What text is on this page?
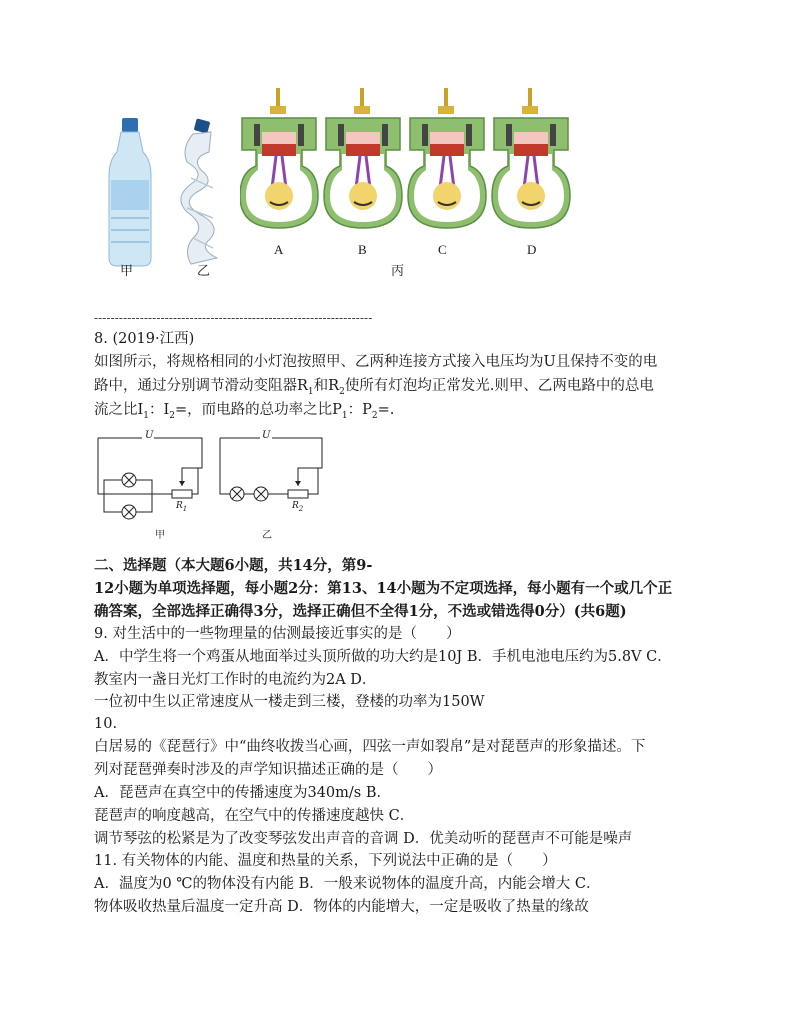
A	B	C	D
甲	乙	丙
-------------------------------------------------------------------
8. (2019·江西)
如图所示，将规格相同的小灯泡按照甲、乙两种连接方式接入电压均为U且保持不变的电
路中，通过分别调节滑动变阻器$R_1$和$R_2$使所有灯泡均正常发光.则甲、乙两电路中的总电
流之比$I_1$：$I_2=$，而电路的总功率之比$P_1$：$P_2=$.
U
$R_1$
甲
U
$R_2$
乙
二、选择题（本大题6小题，共14分，第9-
12小题为单项选择题，每小题2分：第13、14小题为不定项选择，每小题有一个或几个正
确答案，全部选择正确得3分，选择正确但不全得1分，不选或错选得0分）(共6题)
9. 对生活中的一些物理量的估测最接近事实的是（　　）
A．中学生将一个鸡蛋从地面举过头顶所做的功大约是10J B．手机电池电压约为5.8V C．
教室内一盏日光灯工作时的电流约为2A D．
一位初中生以正常速度从一楼走到三楼，登楼的功率为150W
10.
白居易的《琵琶行》中“曲终收拨当心画，四弦一声如裂帛”是对琵琶声的形象描述。下
列对琵琶弹奏时涉及的声学知识描述正确的是（　　）
A．琵琶声在真空中的传播速度为340m/s B．
琵琶声的响度越高，在空气中的传播速度越快 C．
调节琴弦的松紧是为了改变琴弦发出声音的音调 D．优美动听的琵琶声不可能是噪声
11. 有关物体的内能、温度和热量的关系，下列说法中正确的是（　　）
A．温度为0 ℃的物体没有内能 B．一般来说物体的温度升高，内能会增大 C．
物体吸收热量后温度一定升高 D．物体的内能增大，一定是吸收了热量的缘故
